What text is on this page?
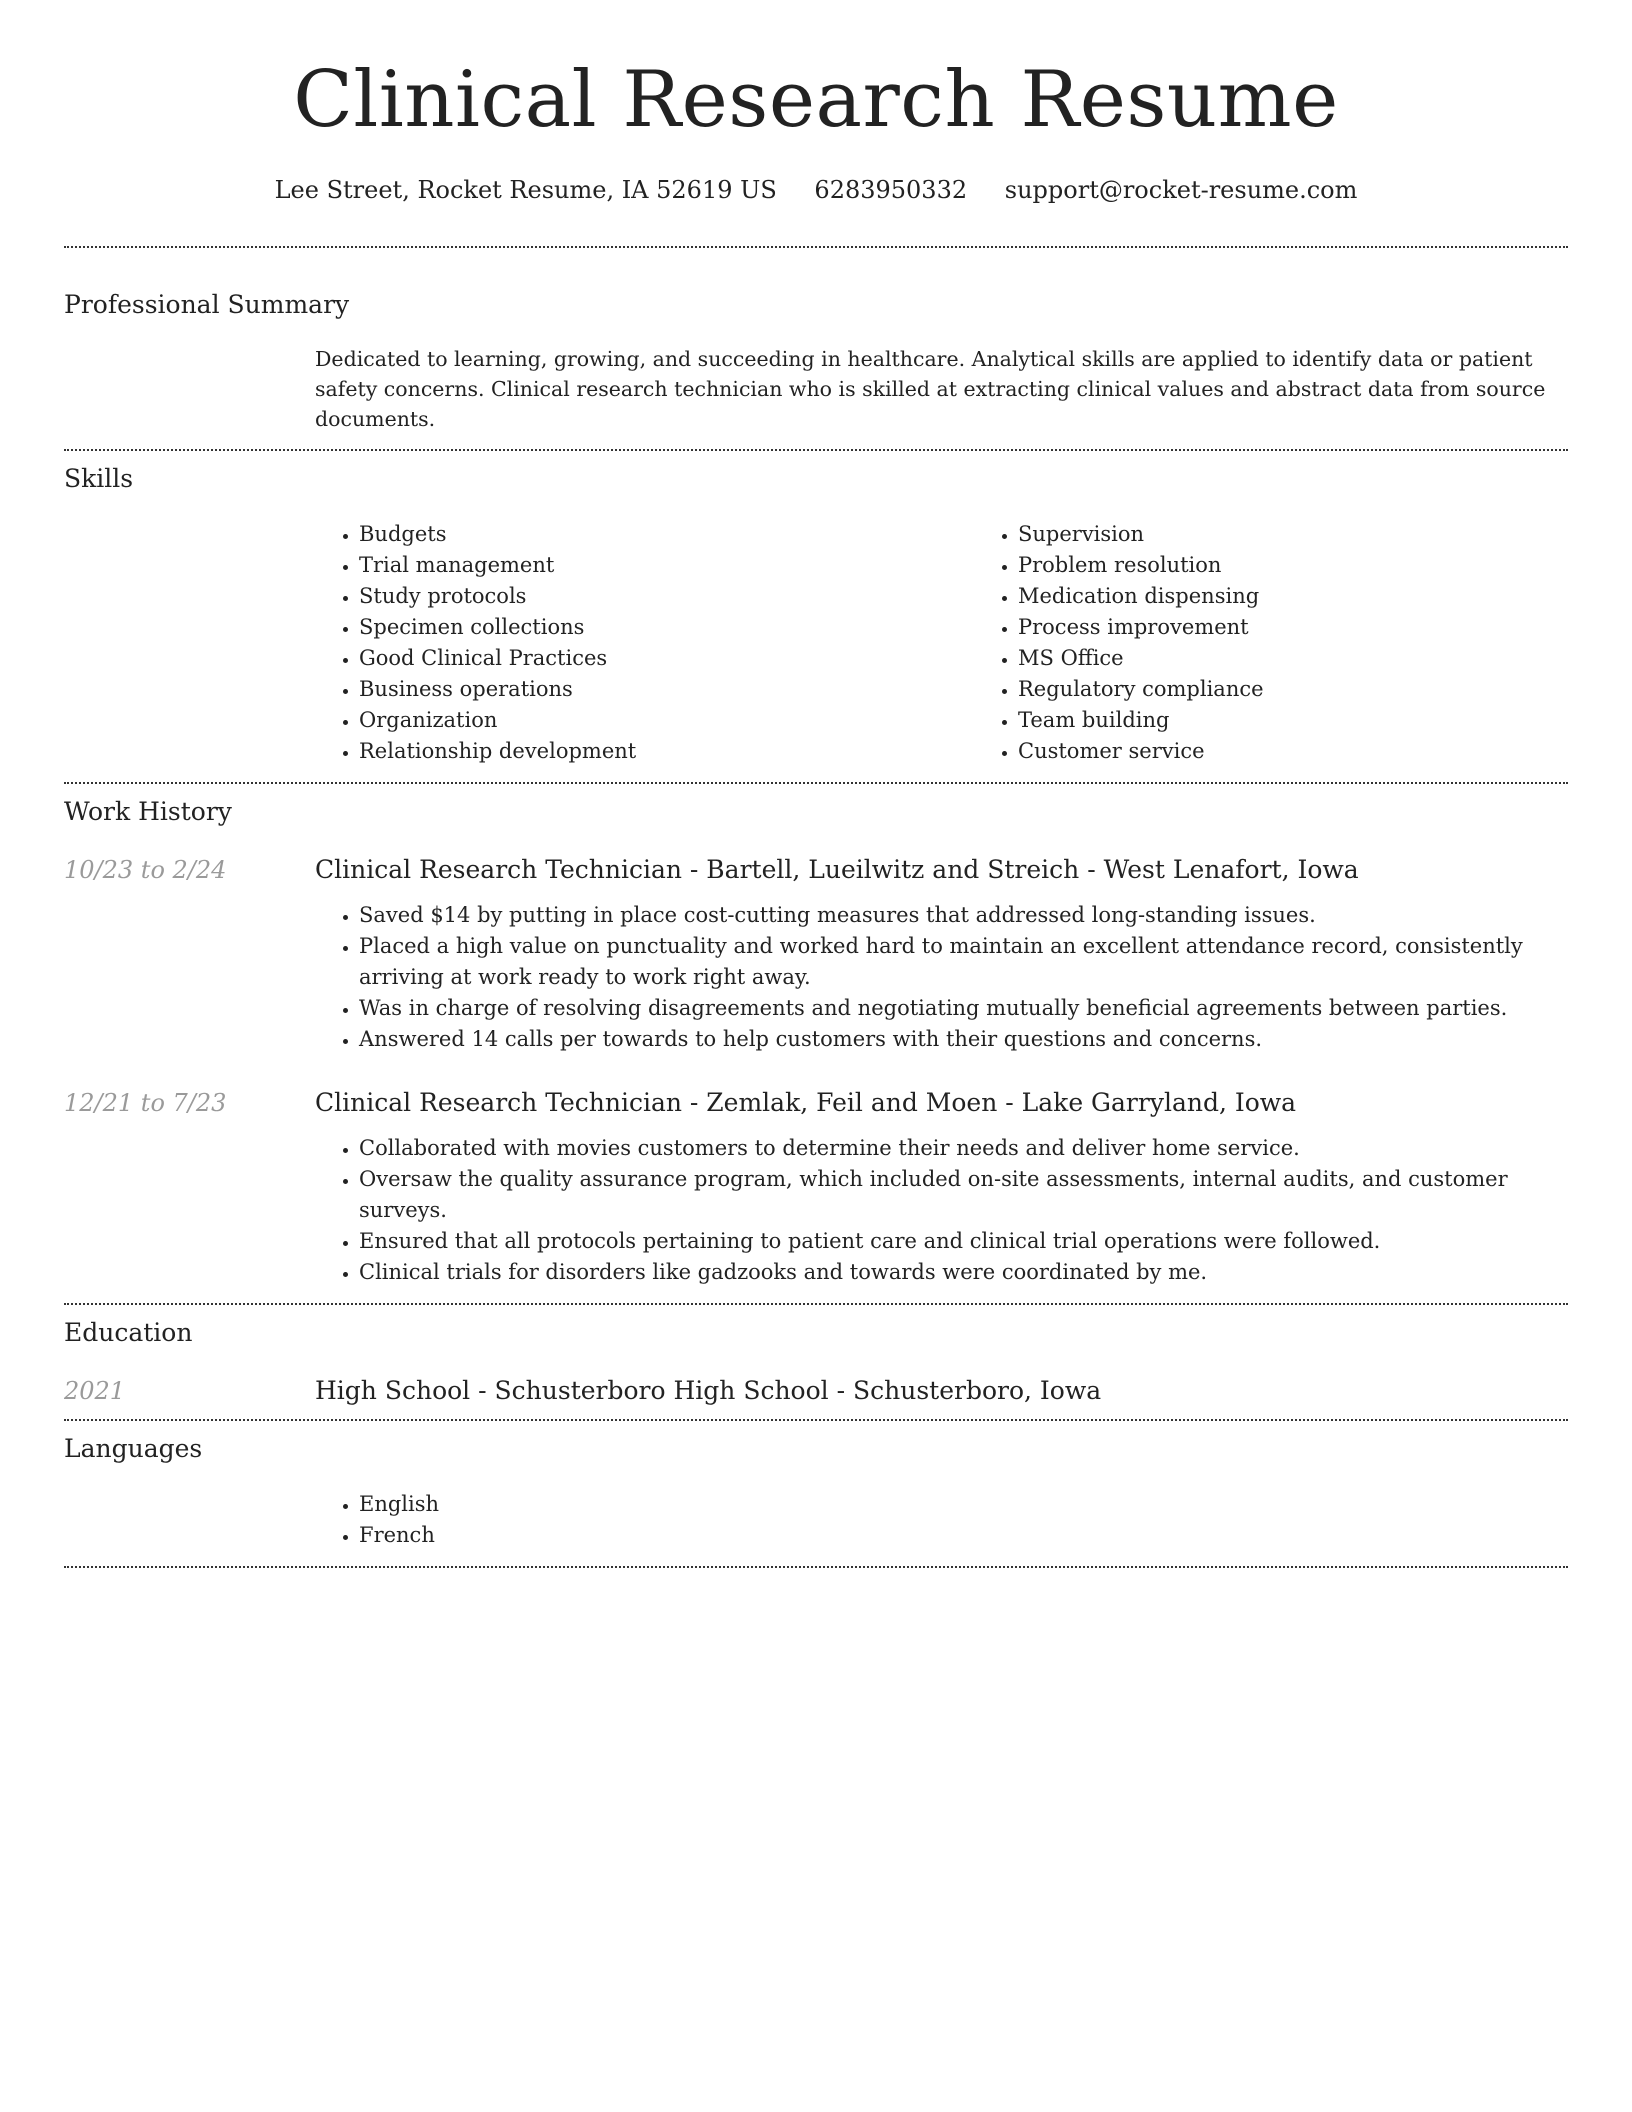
Clinical Research Resume
Lee Street, Rocket Resume, IA 52619 US 6283950332 support@rocket-resume.com
Professional Summary

Dedicated to learning, growing, and succeeding in healthcare. Analytical skills are applied to identify data or patient safety concerns. Clinical research technician who is skilled at extracting clinical values and abstract data from source documents.

Skills
• Budgets
• Trial management
• Study protocols
• Specimen collections
• Good Clinical Practices
• Business operations
• Organization
• Relationship development
• Supervision
• Problem resolution
• Medication dispensing
• Process improvement
• MS Office
• Regulatory compliance
• Team building
• Customer service
Work History
10/23 to 2/24	Clinical Research Technician - Bartell, Lueilwitz and Streich - West Lenafort, Iowa
• Saved $14 by putting in place cost-cutting measures that addressed long-standing issues.
• Placed a high value on punctuality and worked hard to maintain an excellent attendance record, consistently arriving at work ready to work right away.
• Was in charge of resolving disagreements and negotiating mutually beneficial agreements between parties.
• Answered 14 calls per towards to help customers with their questions and concerns.
12/21 to 7/23	Clinical Research Technician - Zemlak, Feil and Moen - Lake Garryland, Iowa
• Collaborated with movies customers to determine their needs and deliver home service.
• Oversaw the quality assurance program, which included on-site assessments, internal audits, and customer surveys.
• Ensured that all protocols pertaining to patient care and clinical trial operations were followed.
• Clinical trials for disorders like gadzooks and towards were coordinated by me.
Education
2021	High School - Schusterboro High School - Schusterboro, Iowa
Languages
• English
• French
